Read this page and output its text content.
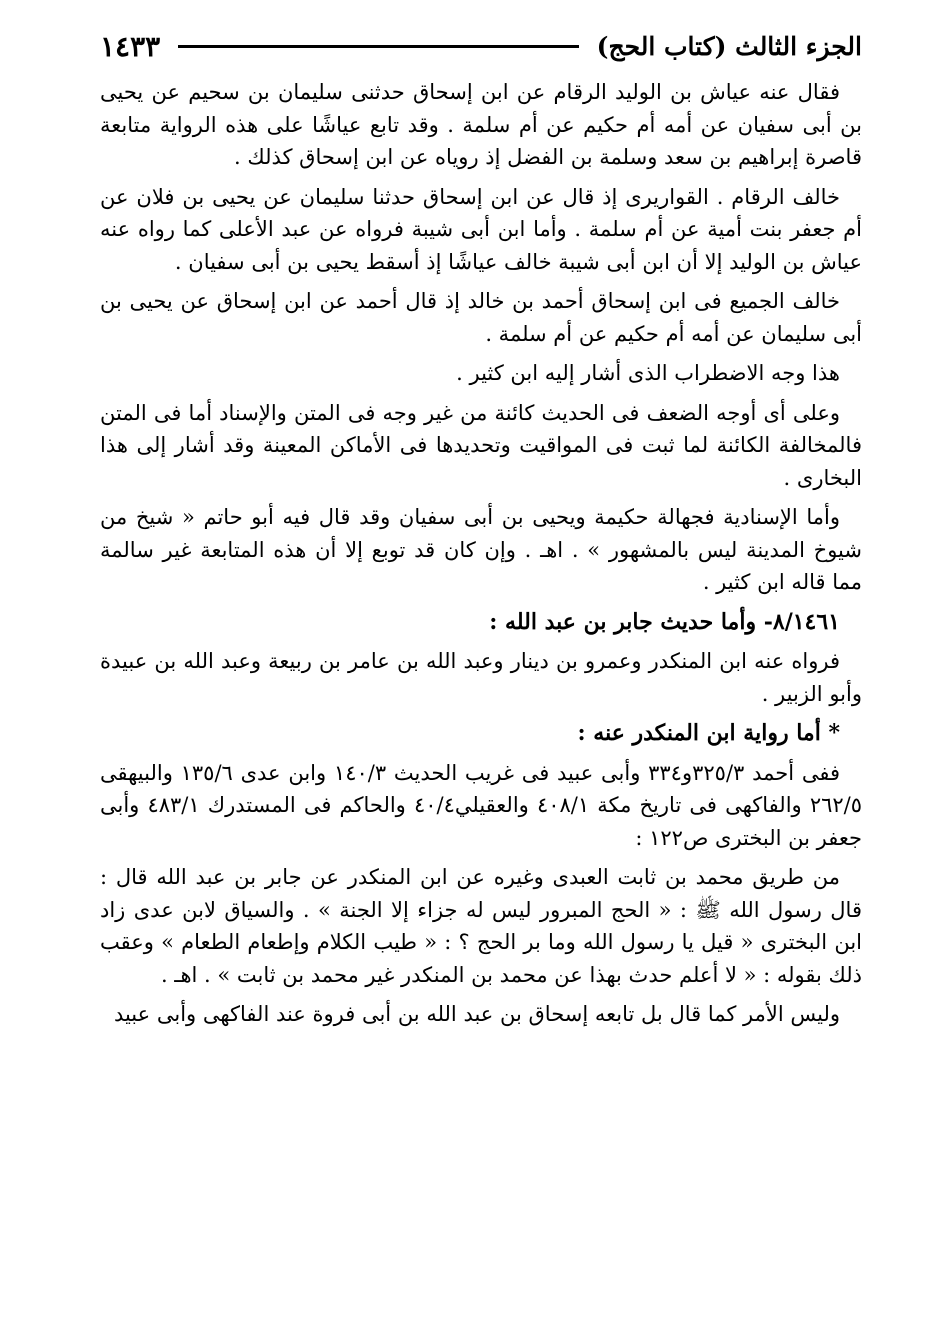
الجزء الثالث (كتاب الحج)
١٤٣٣

فقال عنه عياش بن الوليد الرقام عن ابن إسحاق حدثنى سليمان بن سحيم عن يحيى بن أبى سفيان عن أمه أم حكيم عن أم سلمة . وقد تابع عياشًا على هذه الرواية متابعة قاصرة إبراهيم بن سعد وسلمة بن الفضل إذ روياه عن ابن إسحاق كذلك .

خالف الرقام . القواريرى إذ قال عن ابن إسحاق حدثنا سليمان عن يحيى بن فلان عن أم جعفر بنت أمية عن أم سلمة . وأما ابن أبى شيبة فرواه عن عبد الأعلى كما رواه عنه عياش بن الوليد إلا أن ابن أبى شيبة خالف عياشًا إذ أسقط يحيى بن أبى سفيان .

خالف الجميع فى ابن إسحاق أحمد بن خالد إذ قال أحمد عن ابن إسحاق عن يحيى بن أبى سليمان عن أمه أم حكيم عن أم سلمة .

هذا وجه الاضطراب الذى أشار إليه ابن كثير .

وعلى أى أوجه الضعف فى الحديث كائنة من غير وجه فى المتن والإسناد أما فى المتن فالمخالفة الكائنة لما ثبت فى المواقيت وتحديدها فى الأماكن المعينة وقد أشار إلى هذا البخارى .

وأما الإسنادية فجهالة حكيمة ويحيى بن أبى سفيان وقد قال فيه أبو حاتم « شيخ من شيوخ المدينة ليس بالمشهور » . اهـ . وإن كان قد توبع إلا أن هذه المتابعة غير سالمة مما قاله ابن كثير .

٨/١٤٦١- وأما حديث جابر بن عبد الله :

فرواه عنه ابن المنكدر وعمرو بن دينار وعبد الله بن عامر بن ربيعة وعبد الله بن عبيدة وأبو الزبير .

* أما رواية ابن المنكدر عنه :

ففى أحمد ٣٢٥/٣و٣٣٤ وأبى عبيد فى غريب الحديث ١٤٠/٣ وابن عدى ١٣٥/٦ والبيهقى ٢٦٢/٥ والفاكهى فى تاريخ مكة ٤٠٨/١ والعقيلي٤٠/٤ والحاكم فى المستدرك ٤٨٣/١ وأبى جعفر بن البخترى ص١٢٢ :

من طريق محمد بن ثابت العبدى وغيره عن ابن المنكدر عن جابر بن عبد الله قال : قال رسول الله ﷺ : « الحج المبرور ليس له جزاء إلا الجنة » . والسياق لابن عدى زاد ابن البخترى « قيل يا رسول الله وما بر الحج ؟ : « طيب الكلام وإطعام الطعام » وعقب ذلك بقوله : « لا أعلم حدث بهذا عن محمد بن المنكدر غير محمد بن ثابت » . اهـ .

وليس الأمر كما قال بل تابعه إسحاق بن عبد الله بن أبى فروة عند الفاكهى وأبى عبيد
